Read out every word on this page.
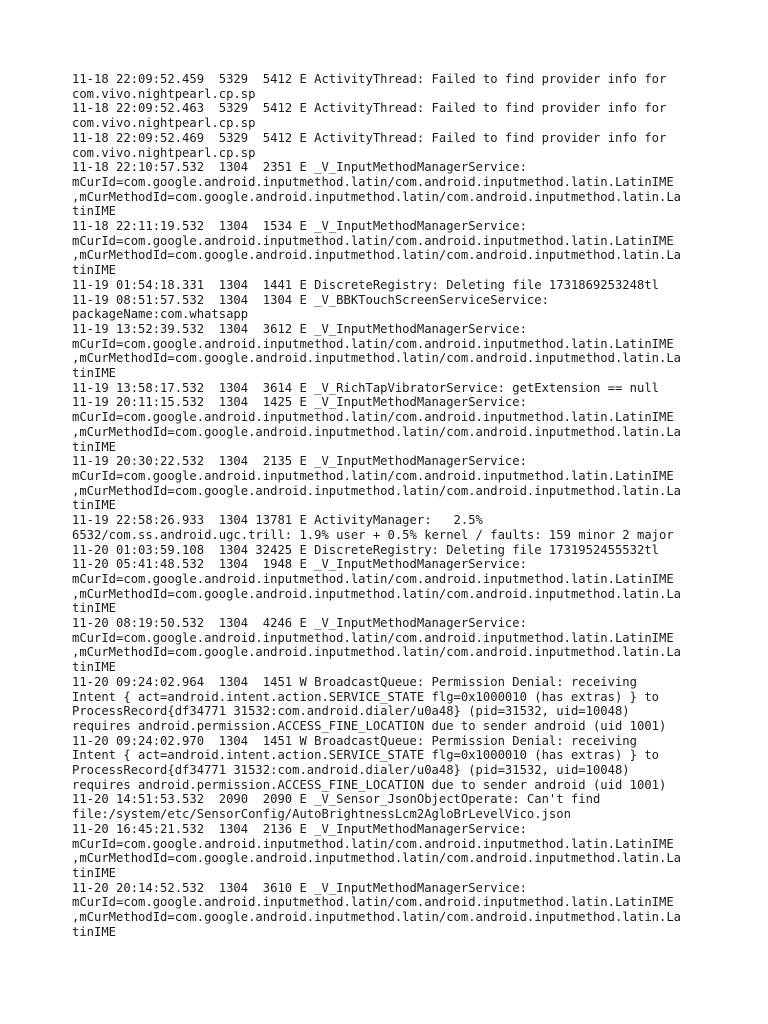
11-18 22:09:52.459  5329  5412 E ActivityThread: Failed to find provider info for
com.vivo.nightpearl.cp.sp
11-18 22:09:52.463  5329  5412 E ActivityThread: Failed to find provider info for
com.vivo.nightpearl.cp.sp
11-18 22:09:52.469  5329  5412 E ActivityThread: Failed to find provider info for
com.vivo.nightpearl.cp.sp
11-18 22:10:57.532  1304  2351 E _V_InputMethodManagerService:
mCurId=com.google.android.inputmethod.latin/com.android.inputmethod.latin.LatinIME
,mCurMethodId=com.google.android.inputmethod.latin/com.android.inputmethod.latin.La
tinIME
11-18 22:11:19.532  1304  1534 E _V_InputMethodManagerService:
mCurId=com.google.android.inputmethod.latin/com.android.inputmethod.latin.LatinIME
,mCurMethodId=com.google.android.inputmethod.latin/com.android.inputmethod.latin.La
tinIME
11-19 01:54:18.331  1304  1441 E DiscreteRegistry: Deleting file 1731869253248tl
11-19 08:51:57.532  1304  1304 E _V_BBKTouchScreenServiceService:
packageName:com.whatsapp
11-19 13:52:39.532  1304  3612 E _V_InputMethodManagerService:
mCurId=com.google.android.inputmethod.latin/com.android.inputmethod.latin.LatinIME
,mCurMethodId=com.google.android.inputmethod.latin/com.android.inputmethod.latin.La
tinIME
11-19 13:58:17.532  1304  3614 E _V_RichTapVibratorService: getExtension == null
11-19 20:11:15.532  1304  1425 E _V_InputMethodManagerService:
mCurId=com.google.android.inputmethod.latin/com.android.inputmethod.latin.LatinIME
,mCurMethodId=com.google.android.inputmethod.latin/com.android.inputmethod.latin.La
tinIME
11-19 20:30:22.532  1304  2135 E _V_InputMethodManagerService:
mCurId=com.google.android.inputmethod.latin/com.android.inputmethod.latin.LatinIME
,mCurMethodId=com.google.android.inputmethod.latin/com.android.inputmethod.latin.La
tinIME
11-19 22:58:26.933  1304 13781 E ActivityManager:   2.5%
6532/com.ss.android.ugc.trill: 1.9% user + 0.5% kernel / faults: 159 minor 2 major
11-20 01:03:59.108  1304 32425 E DiscreteRegistry: Deleting file 1731952455532tl
11-20 05:41:48.532  1304  1948 E _V_InputMethodManagerService:
mCurId=com.google.android.inputmethod.latin/com.android.inputmethod.latin.LatinIME
,mCurMethodId=com.google.android.inputmethod.latin/com.android.inputmethod.latin.La
tinIME
11-20 08:19:50.532  1304  4246 E _V_InputMethodManagerService:
mCurId=com.google.android.inputmethod.latin/com.android.inputmethod.latin.LatinIME
,mCurMethodId=com.google.android.inputmethod.latin/com.android.inputmethod.latin.La
tinIME
11-20 09:24:02.964  1304  1451 W BroadcastQueue: Permission Denial: receiving
Intent { act=android.intent.action.SERVICE_STATE flg=0x1000010 (has extras) } to
ProcessRecord{df34771 31532:com.android.dialer/u0a48} (pid=31532, uid=10048)
requires android.permission.ACCESS_FINE_LOCATION due to sender android (uid 1001)
11-20 09:24:02.970  1304  1451 W BroadcastQueue: Permission Denial: receiving
Intent { act=android.intent.action.SERVICE_STATE flg=0x1000010 (has extras) } to
ProcessRecord{df34771 31532:com.android.dialer/u0a48} (pid=31532, uid=10048)
requires android.permission.ACCESS_FINE_LOCATION due to sender android (uid 1001)
11-20 14:51:53.532  2090  2090 E _V_Sensor_JsonObjectOperate: Can't find
file:/system/etc/SensorConfig/AutoBrightnessLcm2AgloBrLevelVico.json
11-20 16:45:21.532  1304  2136 E _V_InputMethodManagerService:
mCurId=com.google.android.inputmethod.latin/com.android.inputmethod.latin.LatinIME
,mCurMethodId=com.google.android.inputmethod.latin/com.android.inputmethod.latin.La
tinIME
11-20 20:14:52.532  1304  3610 E _V_InputMethodManagerService:
mCurId=com.google.android.inputmethod.latin/com.android.inputmethod.latin.LatinIME
,mCurMethodId=com.google.android.inputmethod.latin/com.android.inputmethod.latin.La
tinIME
